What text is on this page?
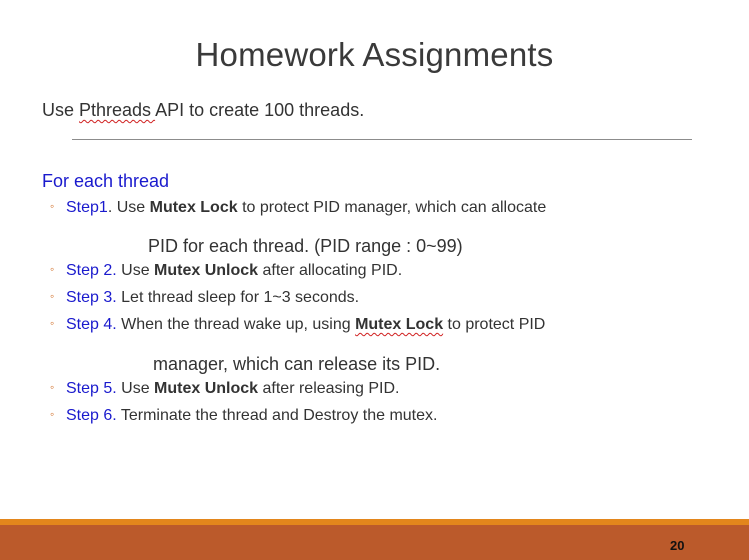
Homework Assignments
Use Pthreads API to create 100 threads.
For each thread
◦ Step1. Use Mutex Lock to protect PID manager, which can allocate
PID for each thread. (PID range : 0~99)
◦ Step 2. Use Mutex Unlock after allocating PID.
◦ Step 3. Let thread sleep for 1~3 seconds.
◦ Step 4. When the thread wake up, using Mutex Lock to protect PID
manager, which can release its PID.
◦ Step 5. Use Mutex Unlock after releasing PID.
◦ Step 6. Terminate the thread and Destroy the mutex.
20
